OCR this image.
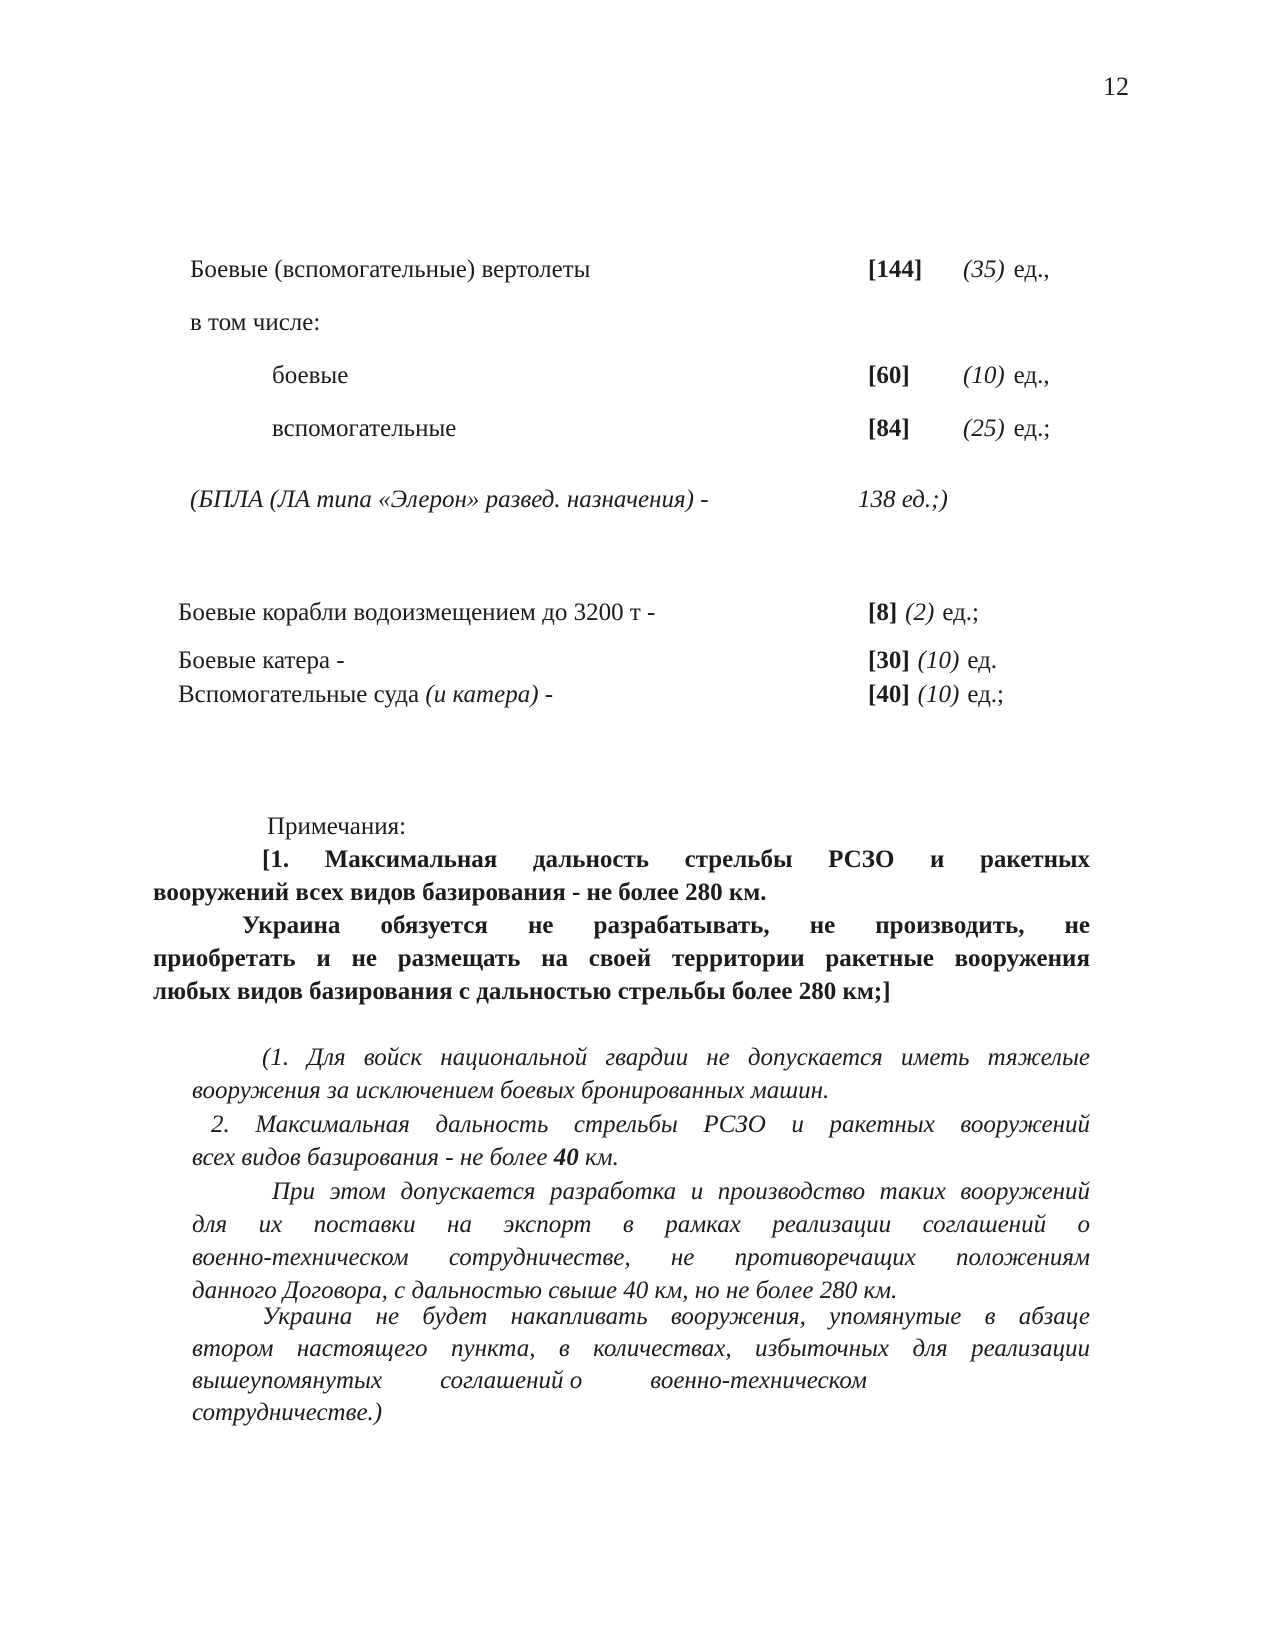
12
Боевые (вспомогательные) вертолеты	[144] (35) ед.,
в том числе:
боевые	[60] (10) ед.,
вспомогательные	[84] (25) ед.;
(БПЛА (ЛА типа «Элерон» развед. назначения) -	138 ед.;)
Боевые корабли водоизмещением до 3200 т -	[8] (2) ед.;
Боевые катера -	[30] (10) ед.
Вспомогательные суда (и катера) -	[40] (10) ед.;
Примечания:
[1. Максимальная дальность стрельбы РСЗО и ракетных
вооружений всех видов базирования - не более 280 км.
Украина обязуется не разрабатывать, не производить, не
приобретать и не размещать на своей территории ракетные вооружения
любых видов базирования с дальностью стрельбы более 280 км;]
(1. Для войск национальной гвардии не допускается иметь тяжелые
вооружения за исключением боевых бронированных машин.
2. Максимальная дальность стрельбы РСЗО и ракетных вооружений
всех видов базирования - не более 40 км.
При этом допускается разработка и производство таких вооружений
для их поставки на экспорт в рамках реализации соглашений о
военно-техническом сотрудничестве, не противоречащих положениям
данного Договора, с дальностью свыше 40 км, но не более 280 км.
Украина не будет накапливать вооружения, упомянутые в абзаце
втором настоящего пункта, в количествах, избыточных для реализации
вышеупомянутых соглашений о	военно-техническом
сотрудничестве.)
